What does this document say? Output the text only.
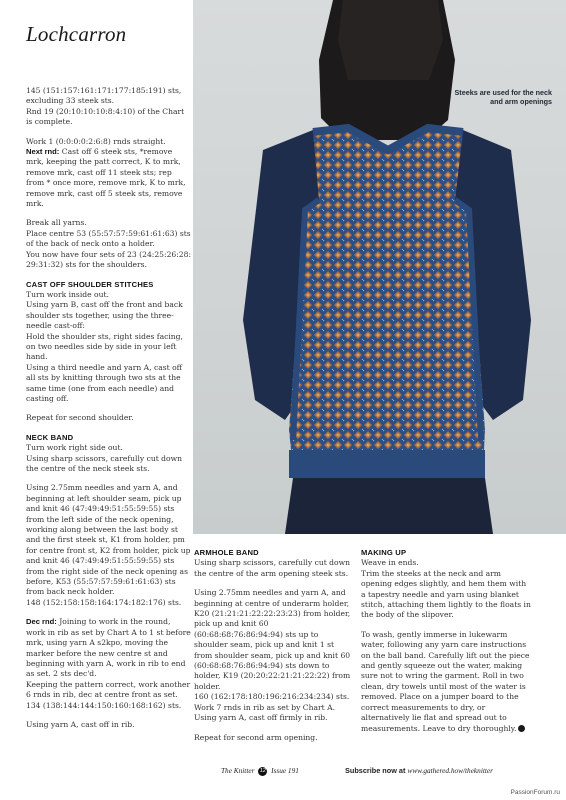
Lochcarron

145 (151:157:161:171:177:185:191) sts, excluding 33 steek sts.
Rnd 19 (20:10:10:10:8:4:10) of the Chart is complete.

Work 1 (0:0:0:0:2:6:8) rnds straight.
Next rnd: Cast off 6 steek sts, *remove mrk, keeping the patt correct, K to mrk, remove mrk, cast off 11 steek sts; rep from * once more, remove mrk, K to mrk, remove mrk, cast off 5 steek sts, remove mrk.

Break all yarns.
Place centre 53 (55:57:57:59:61:61:63) sts of the back of neck onto a holder.
You now have four sets of 23 (24:25:26:28: 29:31:32) sts for the shoulders.

CAST OFF SHOULDER STITCHES

Turn work inside out.
Using yarn B, cast off the front and back shoulder sts together, using the three-needle cast-off:
Hold the shoulder sts, right sides facing, on two needles side by side in your left hand.
Using a third needle and yarn A, cast off all sts by knitting through two sts at the same time (one from each needle) and casting off.

Repeat for second shoulder.

NECK BAND

Turn work right side out.
Using sharp scissors, carefully cut down the centre of the neck steek sts.

Using 2.75mm needles and yarn A, and beginning at left shoulder seam, pick up and knit 46 (47:49:49:51:55:59:55) sts from the left side of the neck opening, working along between the last body st and the first steek st, K1 from holder, pm for centre front st, K2 from holder, pick up and knit 46 (47:49:49:51:55:59:55) sts from the right side of the neck opening as before, K53 (55:57:57:59:61:61:63) sts from back neck holder.
148 (152:158:158:164:174:182:176) sts.

Dec rnd: Joining to work in the round, work in rib as set by Chart A to 1 st before mrk, using yarn A s2kpo, moving the marker before the new centre st and beginning with yarn A, work in rib to end as set. 2 sts dec'd.
Keeping the pattern correct, work another 6 rnds in rib, dec at centre front as set.
134 (138:144:144:150:160:168:162) sts.

Using yarn A, cast off in rib.

Steeks are used for the neck and arm openings
ARMHOLE BAND

Using sharp scissors, carefully cut down the centre of the arm opening steek sts.

Using 2.75mm needles and yarn A, and beginning at centre of underarm holder, K20 (21:21:21:22:22:23:23) from holder, pick up and knit 60 (60:68:68:76:86:94:94) sts up to shoulder seam, pick up and knit 1 st from shoulder seam, pick up and knit 60 (60:68:68:76:86:94:94) sts down to holder, K19 (20:20:22:21:21:22:22) from holder.
160 (162:178:180:196:216:234:234) sts.
Work 7 rnds in rib as set by Chart A.
Using yarn A, cast off firmly in rib.

Repeat for second arm opening.

MAKING UP

Weave in ends.
Trim the steeks at the neck and arm opening edges slightly, and hem them with a tapestry needle and yarn using blanket stitch, attaching them lightly to the floats in the body of the slipover.

To wash, gently immerse in lukewarm water, following any yarn care instructions on the ball band. Carefully lift out the piece and gently squeeze out the water, making sure not to wring the garment. Roll in two clean, dry towels until most of the water is removed. Place on a jumper board to the correct measurements to dry, or alternatively lie flat and spread out to measurements. Leave to dry thoroughly.

The Knitter 12 Issue 191	Subscribe now at www.gathered.how/theknitter
PassionForum.ru
